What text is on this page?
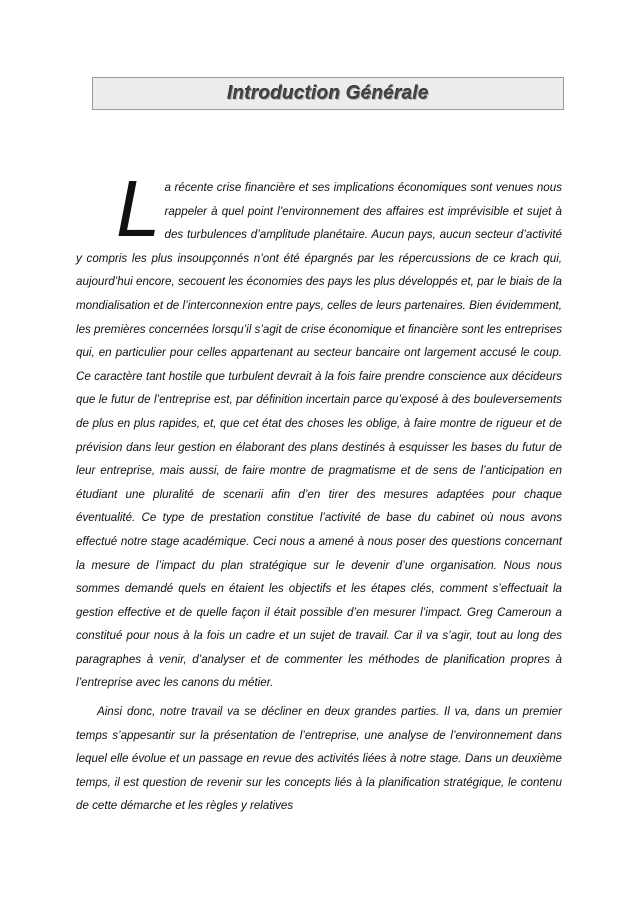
Introduction Générale

La récente crise financière et ses implications économiques sont venues nous rappeler à quel point l’environnement des affaires est imprévisible et sujet à des turbulences d’amplitude planétaire. Aucun pays, aucun secteur d’activité y compris les plus insoupçonnés n’ont été épargnés par les répercussions de ce krach qui, aujourd’hui encore, secouent les économies des pays les plus développés et, par le biais de la mondialisation et de l’interconnexion entre pays, celles de leurs partenaires. Bien évidemment, les premières concernées lorsqu’il s’agit de crise économique et financière sont les entreprises qui, en particulier pour celles appartenant au secteur bancaire ont largement accusé le coup. Ce caractère tant hostile que turbulent devrait à la fois faire prendre conscience aux décideurs que le futur de l’entreprise est, par définition incertain parce qu’exposé à des bouleversements de plus en plus rapides, et, que cet état des choses les oblige, à faire montre de rigueur et de prévision dans leur gestion en élaborant des plans destinés à esquisser les bases du futur de leur entreprise, mais aussi, de faire montre de pragmatisme et de sens de l’anticipation en étudiant une pluralité de scenarii afin d’en tirer des mesures adaptées pour chaque éventualité. Ce type de prestation constitue l’activité de base du cabinet où nous avons effectué notre stage académique. Ceci nous a amené à nous poser des questions concernant la mesure de l’impact du plan stratégique sur le devenir d’une organisation. Nous nous sommes demandé quels en étaient les objectifs et les étapes clés, comment s’effectuait la gestion effective et de quelle façon il était possible d’en mesurer l’impact. Greg Cameroun a constitué pour nous à la fois un cadre et un sujet de travail. Car il va s’agir, tout au long des paragraphes à venir, d’analyser et de commenter les méthodes de planification propres à l’entreprise avec les canons du métier.

Ainsi donc, notre travail va se décliner en deux grandes parties. Il va, dans un premier temps s’appesantir sur la présentation de l’entreprise, une analyse de l’environnement dans lequel elle évolue et un passage en revue des activités liées à notre stage. Dans un deuxième temps, il est question de revenir sur les concepts liés à la planification stratégique, le contenu de cette démarche et les règles y relatives
